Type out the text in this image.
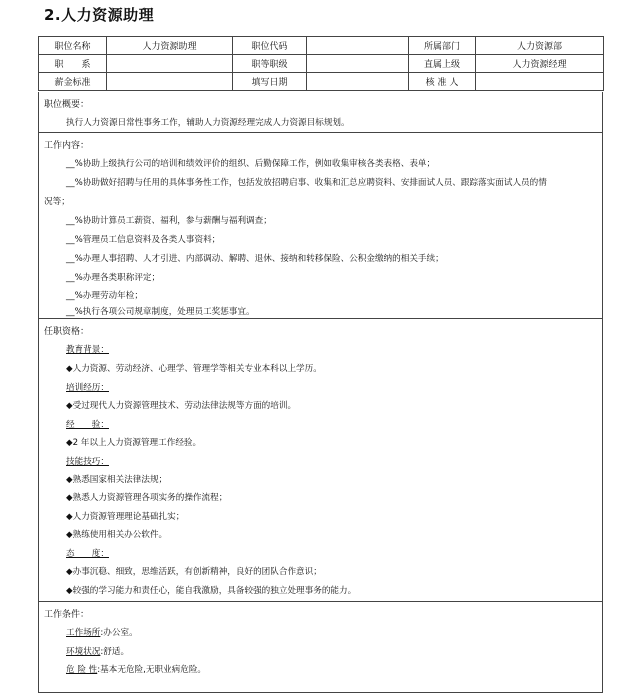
2.人力资源助理
职位名称	人力资源助理	职位代码		所属部门	人力资源部
职　　系		职等职级		直属上级	人力资源经理
薪金标准		填写日期		核 准 人	
职位概要：
执行人力资源日常性事务工作，辅助人力资源经理完成人力资源目标规划。
工作内容：
__%协助上级执行公司的培训和绩效评价的组织、后勤保障工作，例如收集审核各类表格、表单；
__%协助做好招聘与任用的具体事务性工作，包括发放招聘启事、收集和汇总应聘资料、安排面试人员、跟踪落实面试人员的情
况等；
__%协助计算员工薪资、福利，参与薪酬与福利调查；
__%管理员工信息资料及各类人事资料；
__%办理人事招聘、人才引进、内部调动、解聘、退休、接纳和转移保险、公积金缴纳的相关手续；
__%办理各类职称评定；
__%办理劳动年检；
__%执行各项公司规章制度，处理员工奖惩事宜。
任职资格：
教育背景：
◆人力资源、劳动经济、心理学、管理学等相关专业本科以上学历。
培训经历：
◆受过现代人力资源管理技术、劳动法律法规等方面的培训。
经　　验：
◆2 年以上人力资源管理工作经验。
技能技巧：
◆熟悉国家相关法律法规；
◆熟悉人力资源管理各项实务的操作流程；
◆人力资源管理理论基础扎实；
◆熟练使用相关办公软件。
态　　度：
◆办事沉稳、细致，思维活跃，有创新精神，良好的团队合作意识；
◆较强的学习能力和责任心，能自我激励，具备较强的独立处理事务的能力。
工作条件：
工作场所:办公室。
环境状况:舒适。
危 险 性:基本无危险,无职业病危险。
